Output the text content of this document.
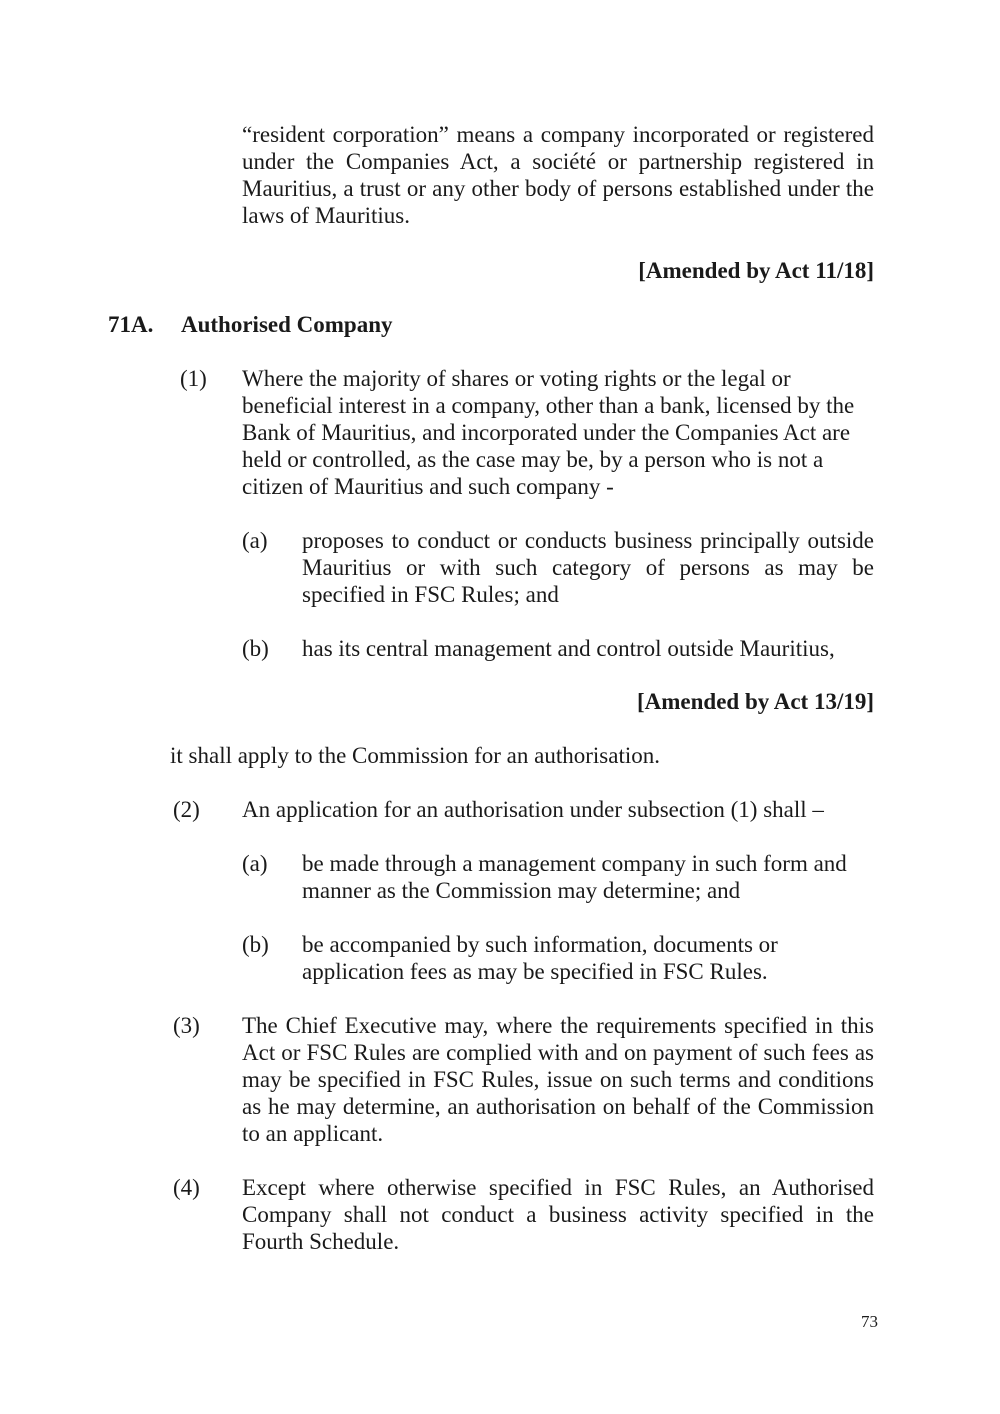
“resident corporation” means a company incorporated or registered under the Companies Act, a société or partnership registered in Mauritius, a trust or any other body of persons established under the laws of Mauritius.
[Amended by Act 11/18]
71A. Authorised Company
(1) Where the majority of shares or voting rights or the legal or beneficial interest in a company, other than a bank, licensed by the Bank of Mauritius, and incorporated under the Companies Act are held or controlled, as the case may be, by a person who is not a citizen of Mauritius and such company -
(a) proposes to conduct or conducts business principally outside Mauritius or with such category of persons as may be specified in FSC Rules; and
(b) has its central management and control outside Mauritius,
[Amended by Act 13/19]
it shall apply to the Commission for an authorisation.
(2) An application for an authorisation under subsection (1) shall –
(a) be made through a management company in such form and manner as the Commission may determine; and
(b) be accompanied by such information, documents or application fees as may be specified in FSC Rules.
(3) The Chief Executive may, where the requirements specified in this Act or FSC Rules are complied with and on payment of such fees as may be specified in FSC Rules, issue on such terms and conditions as he may determine, an authorisation on behalf of the Commission to an applicant.
(4) Except where otherwise specified in FSC Rules, an Authorised Company shall not conduct a business activity specified in the Fourth Schedule.
73
